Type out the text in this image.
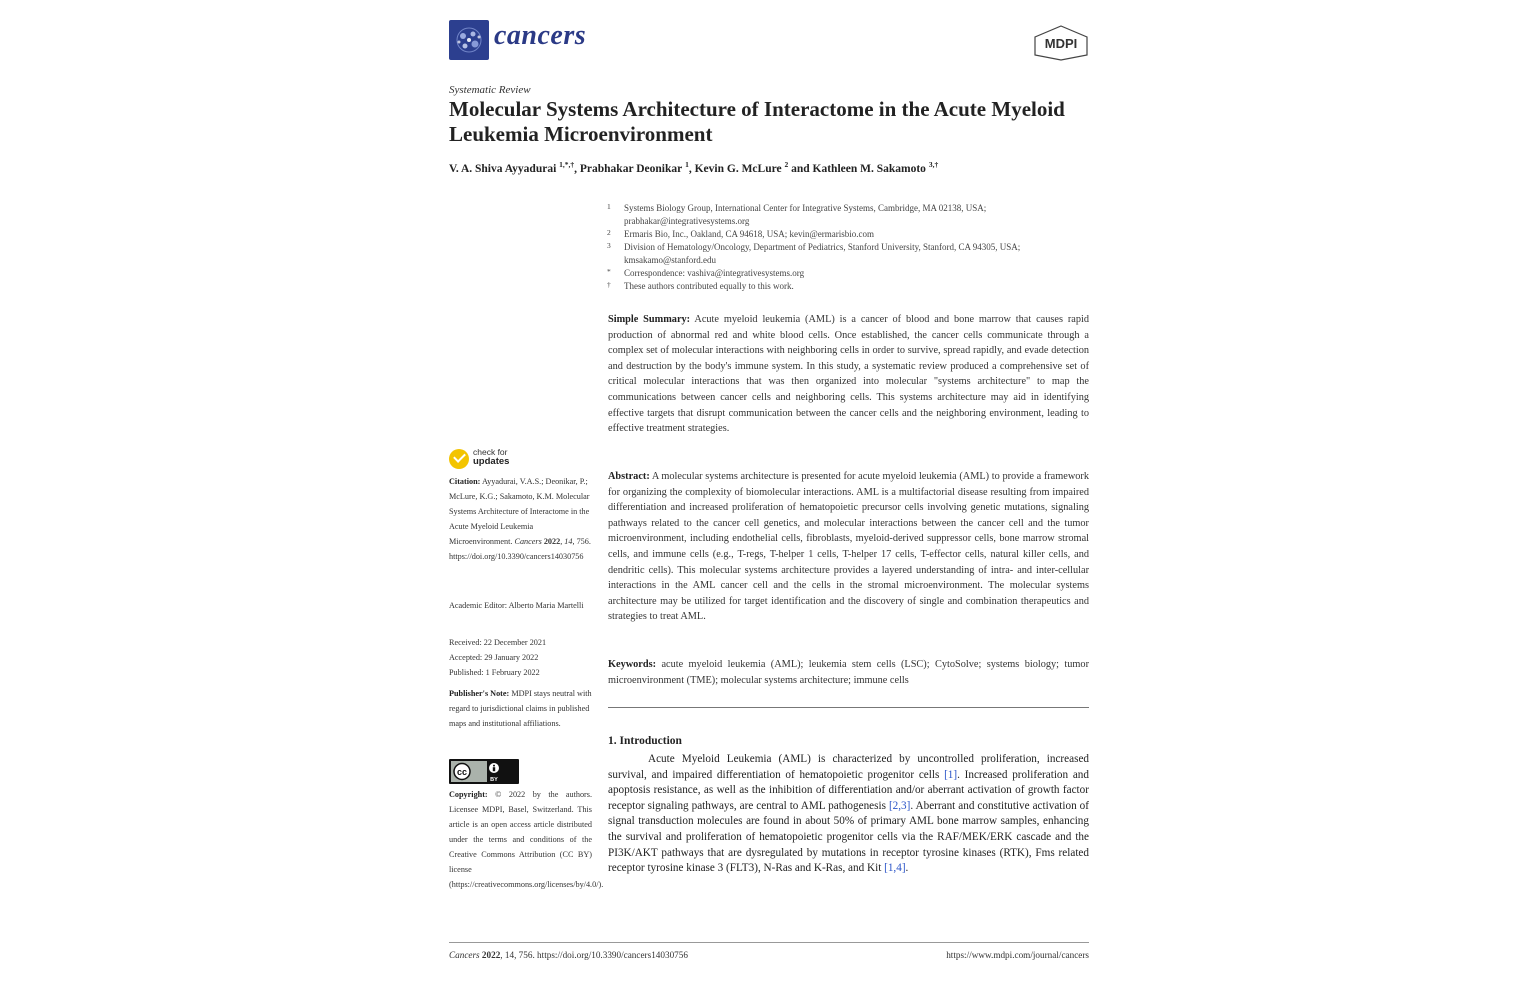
cancers	MDPI
Systematic Review
Molecular Systems Architecture of Interactome in the Acute Myeloid Leukemia Microenvironment
V. A. Shiva Ayyadurai $^{1,*,\dagger}$, Prabhakar Deonikar $^1$, Kevin G. McLure $^2$ and Kathleen M. Sakamoto $^{3,\dagger}$
1 Systems Biology Group, International Center for Integrative Systems, Cambridge, MA 02138, USA; prabhakar@integrativesystems.org
2 Ermaris Bio, Inc., Oakland, CA 94618, USA; kevin@ermarisbio.com
3 Division of Hematology/Oncology, Department of Pediatrics, Stanford University, Stanford, CA 94305, USA; kmsakamo@stanford.edu
* Correspondence: vashiva@integrativesystems.org
† These authors contributed equally to this work.

Simple Summary: Acute myeloid leukemia (AML) is a cancer of blood and bone marrow that causes rapid production of abnormal red and white blood cells. Once established, the cancer cells communicate through a complex set of molecular interactions with neighboring cells in order to survive, spread rapidly, and evade detection and destruction by the body's immune system. In this study, a systematic review produced a comprehensive set of critical molecular interactions that was then organized into molecular "systems architecture" to map the communications between cancer cells and neighboring cells. This systems architecture may aid in identifying effective targets that disrupt communication between the cancer cells and the neighboring environment, leading to effective treatment strategies.

Abstract: A molecular systems architecture is presented for acute myeloid leukemia (AML) to provide a framework for organizing the complexity of biomolecular interactions. AML is a multifactorial disease resulting from impaired differentiation and increased proliferation of hematopoietic precursor cells involving genetic mutations, signaling pathways related to the cancer cell genetics, and molecular interactions between the cancer cell and the tumor microenvironment, including endothelial cells, fibroblasts, myeloid-derived suppressor cells, bone marrow stromal cells, and immune cells (e.g., T-regs, T-helper 1 cells, T-helper 17 cells, T-effector cells, natural killer cells, and dendritic cells). This molecular systems architecture provides a layered understanding of intra- and inter-cellular interactions in the AML cancer cell and the cells in the stromal microenvironment. The molecular systems architecture may be utilized for target identification and the discovery of single and combination therapeutics and strategies to treat AML.

Keywords: acute myeloid leukemia (AML); leukemia stem cells (LSC); CytoSolve; systems biology; tumor microenvironment (TME); molecular systems architecture; immune cells

1. Introduction

Acute Myeloid Leukemia (AML) is characterized by uncontrolled proliferation, increased survival, and impaired differentiation of hematopoietic progenitor cells [1]. Increased proliferation and apoptosis resistance, as well as the inhibition of differentiation and/or aberrant activation of growth factor receptor signaling pathways, are central to AML pathogenesis [2,3]. Aberrant and constitutive activation of signal transduction molecules are found in about 50% of primary AML bone marrow samples, enhancing the survival and proliferation of hematopoietic progenitor cells via the RAF/MEK/ERK cascade and the PI3K/AKT pathways that are dysregulated by mutations in receptor tyrosine kinases (RTK), Fms related receptor tyrosine kinase 3 (FLT3), N-Ras and K-Ras, and Kit [1,4].

check for
updates

Citation: Ayyadurai, V.A.S.; Deonikar, P.; McLure, K.G.; Sakamoto, K.M. Molecular Systems Architecture of Interactome in the Acute Myeloid Leukemia Microenvironment. Cancers 2022, 14, 756. https://doi.org/10.3390/cancers14030756

Academic Editor: Alberto Maria Martelli

Received: 22 December 2021
Accepted: 29 January 2022
Published: 1 February 2022

Publisher's Note: MDPI stays neutral with regard to jurisdictional claims in published maps and institutional affiliations.

cc
BY

Copyright: © 2022 by the authors. Licensee MDPI, Basel, Switzerland. This article is an open access article distributed under the terms and conditions of the Creative Commons Attribution (CC BY) license (https://creativecommons.org/licenses/by/4.0/).

Cancers 2022, 14, 756. https://doi.org/10.3390/cancers14030756	https://www.mdpi.com/journal/cancers
